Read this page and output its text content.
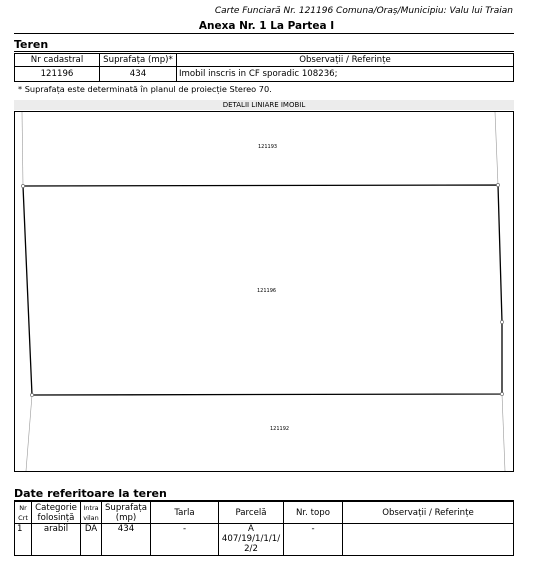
Carte Funciară Nr. 121196 Comuna/Oraș/Municipiu: Valu lui Traian
Anexa Nr. 1 La Partea I
Teren
Nr cadastral	Suprafața (mp)*	Observații / Referințe
121196	434	Imobil inscris in CF sporadic 108236;
* Suprafața este determinată în planul de proiecție Stereo 70.
DETALII LINIARE IMOBIL
121193
121196
121192
Date referitoare la teren
Nr Crt	Categorie folosință	Intra vilan	Suprafața (mp)	Tarla	Parcelă	Nr. topo	Observații / Referințe
1	arabil	DA	434	-	A 407/19/1/1/1/ 2/2	-	
